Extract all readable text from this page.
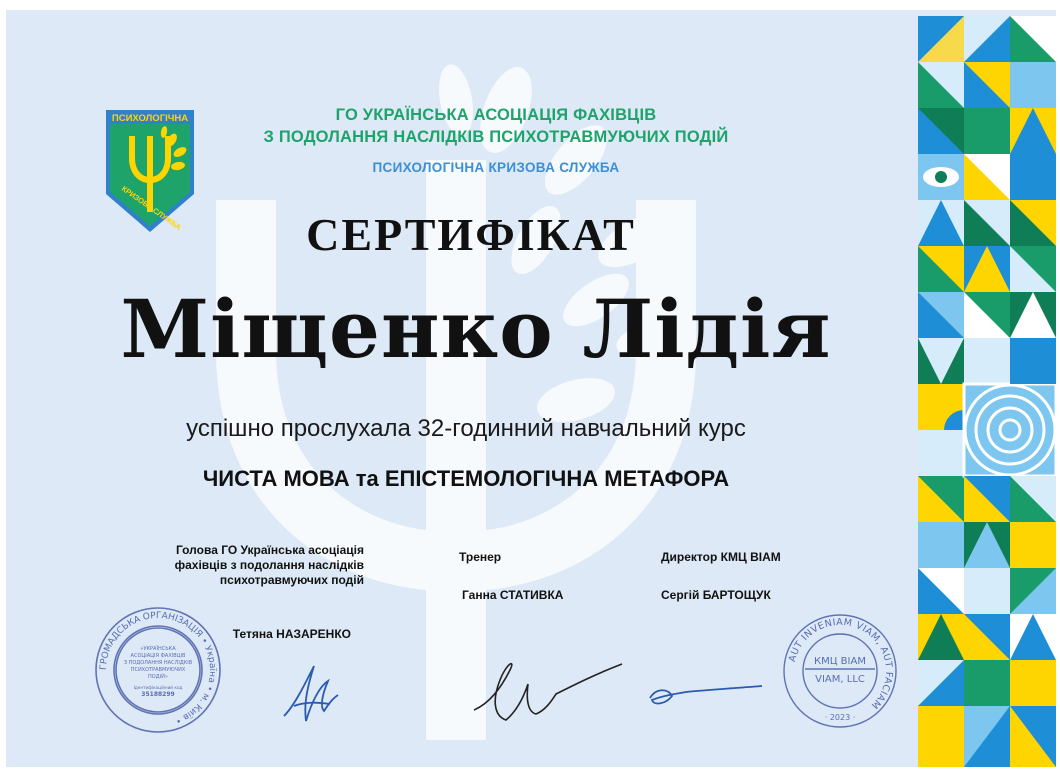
ПСИХОЛОГІЧНА
КРИЗОВА СЛУЖБА
ГО УКРАЇНСЬКА АСОЦІАЦІЯ ФАХІВЦІВ
З ПОДОЛАННЯ НАСЛІДКІВ ПСИХОТРАВМУЮЧИХ ПОДІЙ
ПСИХОЛОГІЧНА КРИЗОВА СЛУЖБА
СЕРТИФІКАТ
Міщенко Лідія
успішно прослухала 32-годинний навчальний курс
ЧИСТА МОВА та ЕПІСТЕМОЛОГІЧНА МЕТАФОРА
Голова ГО Українська асоціація
фахівців з подолання наслідків
психотравмуючих подій
Тетяна НАЗАРЕНКО
Тренер
Ганна СТАТИВКА
Директор КМЦ ВІАМ
Сергій БАРТОЩУК
ГРОМАДСЬКА ОРГАНІЗАЦІЯ • Україна • м. Київ •
«УКРАЇНСЬКА
АСОЦІАЦІЯ ФАХІВЦІВ
З ПОДОЛАННЯ НАСЛІДКІВ
ПСИХОТРАВМУЮЧИХ
ПОДІЙ»
Ідентифікаційний код
35188299
AUT INVENIAM VIAM, AUT FACIAM
КМЦ ВІАМ
VIAM, LLC
· 2023 ·
